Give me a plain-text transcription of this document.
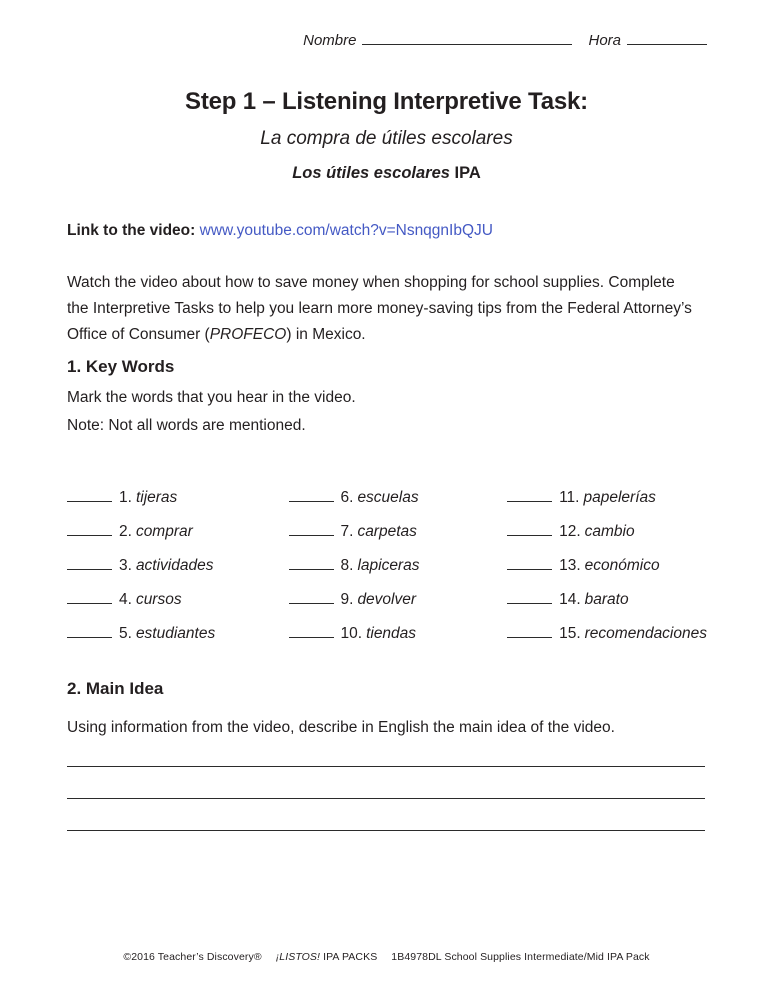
Nombre	Hora
Step 1 – Listening Interpretive Task:
La compra de útiles escolares
Los útiles escolares IPA
Link to the video: www.youtube.com/watch?v=NsnqgnIbQJU

Watch the video about how to save money when shopping for school supplies. Complete the Interpretive Tasks to help you learn more money-saving tips from the Federal Attorney’s Office of Consumer (PROFECO) in Mexico.

1. Key Words
Mark the words that you hear in the video.
Note: Not all words are mentioned.
1. tijeras
2. comprar
3. actividades
4. cursos
5. estudiantes
6. escuelas
7. carpetas
8. lapiceras
9. devolver
10. tiendas
11. papelerías
12. cambio
13. económico
14. barato
15. recomendaciones
2. Main Idea
Using information from the video, describe in English the main idea of the video.
©2016 Teacher’s Discovery® ¡LISTOS! IPA PACKS 1B4978DL School Supplies Intermediate/Mid IPA Pack
